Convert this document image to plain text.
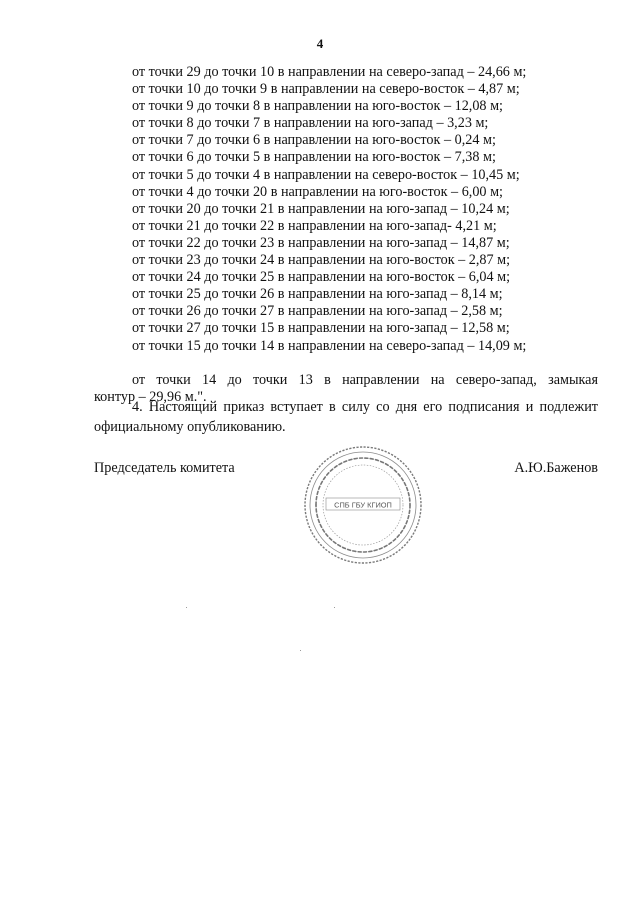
4
от точки 29 до точки 10 в направлении на северо-запад – 24,66 м;
от точки 10 до точки 9 в направлении на северо-восток – 4,87 м;
от точки 9 до точки 8 в направлении на юго-восток – 12,08 м;
от точки 8 до точки 7 в направлении на юго-запад – 3,23 м;
от точки 7 до точки 6 в направлении на юго-восток – 0,24 м;
от точки 6 до точки 5 в направлении на юго-восток – 7,38 м;
от точки 5 до точки 4 в направлении на северо-восток – 10,45 м;
от точки 4 до точки 20 в направлении на юго-восток – 6,00 м;
от точки 20 до точки 21 в направлении на юго-запад – 10,24 м;
от точки 21 до точки 22 в направлении на юго-запад- 4,21 м;
от точки 22 до точки 23 в направлении на юго-запад – 14,87 м;
от точки 23 до точки 24 в направлении на юго-восток – 2,87 м;
от точки 24 до точки 25 в направлении на юго-восток – 6,04 м;
от точки 25 до точки 26 в направлении на юго-запад – 8,14 м;
от точки 26 до точки 27 в направлении на юго-запад – 2,58 м;
от точки 27 до точки 15 в направлении на юго-запад – 12,58 м;
от точки 15 до точки 14 в направлении на северо-запад – 14,09 м;
от точки 14 до точки 13 в направлении на северо-запад, замыкая
контур – 29,96 м.".
4. Настоящий приказ вступает в силу со дня его подписания и подлежит
официальному опубликованию.
Председатель комитета
СПБ ГБУ КГИОП
А.Ю.Баженов
